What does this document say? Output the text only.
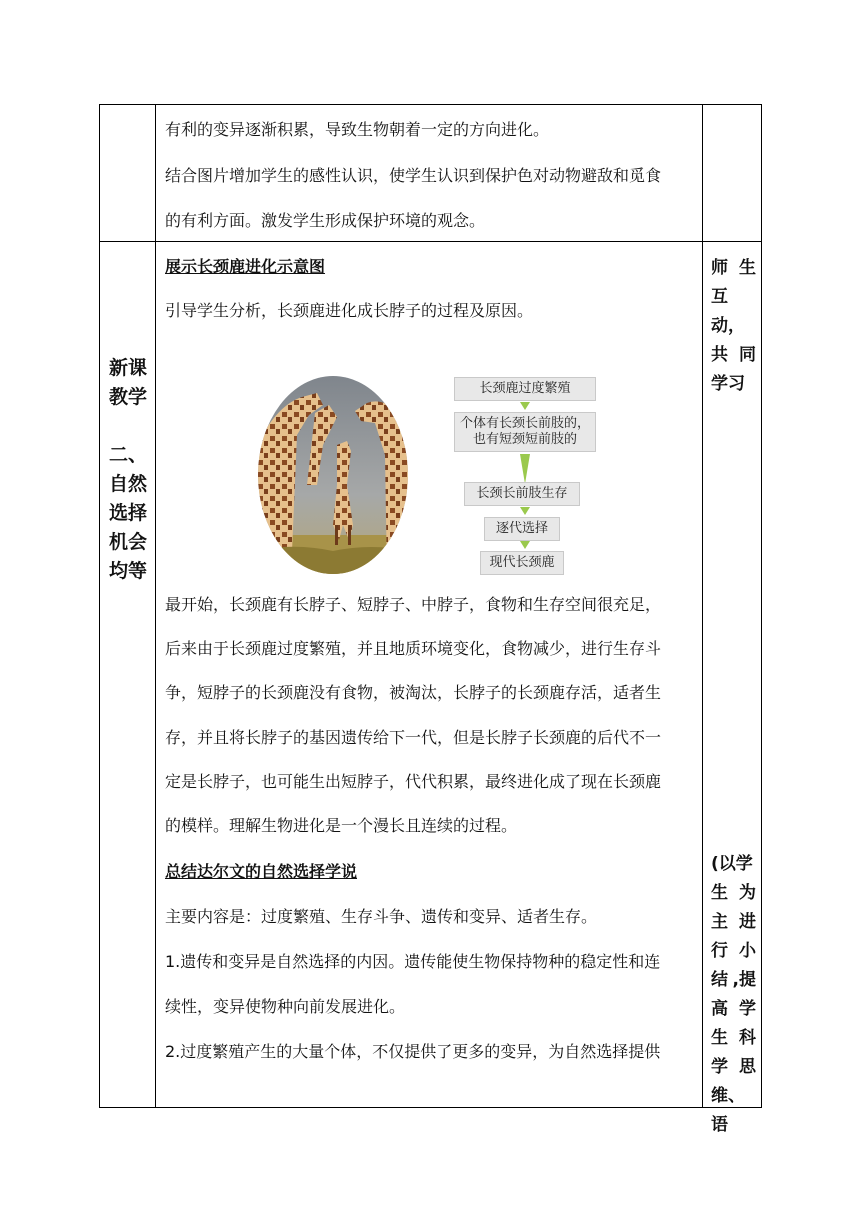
有利的变异逐渐积累，导致生物朝着一定的方向进化。
结合图片增加学生的感性认识，使学生认识到保护色对动物避敌和觅食
的有利方面。激发学生形成保护环境的观念。
新课
教学
二、
自然
选择
机会
均等
师 生
互动，
共 同
学习
(以学
生 为
主 进
行 小
结 ,提
高 学
生 科
学 思
维、语
展示长颈鹿进化示意图
引导学生分析，长颈鹿进化成长脖子的过程及原因。
长颈鹿过度繁殖
个体有长颈长前肢的，
也有短颈短前肢的
长颈长前肢生存
逐代选择
现代长颈鹿
最开始，长颈鹿有长脖子、短脖子、中脖子，食物和生存空间很充足，
后来由于长颈鹿过度繁殖，并且地质环境变化，食物减少，进行生存斗
争，短脖子的长颈鹿没有食物，被淘汰，长脖子的长颈鹿存活，适者生
存，并且将长脖子的基因遗传给下一代，但是长脖子长颈鹿的后代不一
定是长脖子，也可能生出短脖子，代代积累，最终进化成了现在长颈鹿
的模样。理解生物进化是一个漫长且连续的过程。
总结达尔文的自然选择学说
主要内容是：过度繁殖、生存斗争、遗传和变异、适者生存。
1.遗传和变异是自然选择的内因。遗传能使生物保持物种的稳定性和连
续性，变异使物种向前发展进化。
2.过度繁殖产生的大量个体，不仅提供了更多的变异，为自然选择提供
